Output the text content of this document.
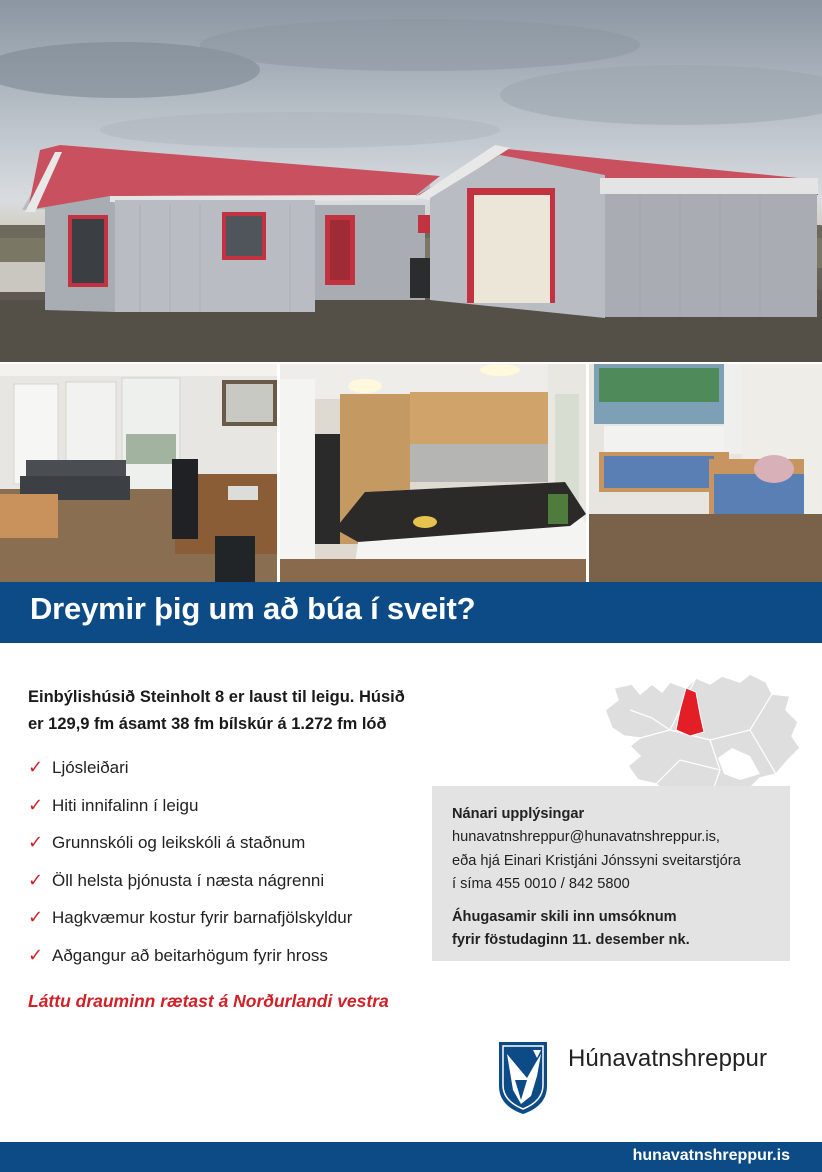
Dreymir þig um að búa í sveit?
Einbýlishúsið Steinholt 8 er laust til leigu. Húsið
er 129,9 fm ásamt 38 fm bílskúr á 1.272 fm lóð
✓ Ljósleiðari
✓ Hiti innifalinn í leigu
✓ Grunnskóli og leikskóli á staðnum
✓ Öll helsta þjónusta í næsta nágrenni
✓ Hagkvæmur kostur fyrir barnafjölskyldur
✓ Aðgangur að beitarhögum fyrir hross
Láttu drauminn rætast á Norðurlandi vestra
Nánari upplýsingar
hunavatnshreppur@hunavatnshreppur.is,
eða hjá Einari Kristjáni Jónssyni sveitarstjóra
í síma 455 0010 / 842 5800
Áhugasamir skili inn umsóknum
fyrir föstudaginn 11. desember nk.
Húnavatnshreppur
hunavatnshreppur.is
